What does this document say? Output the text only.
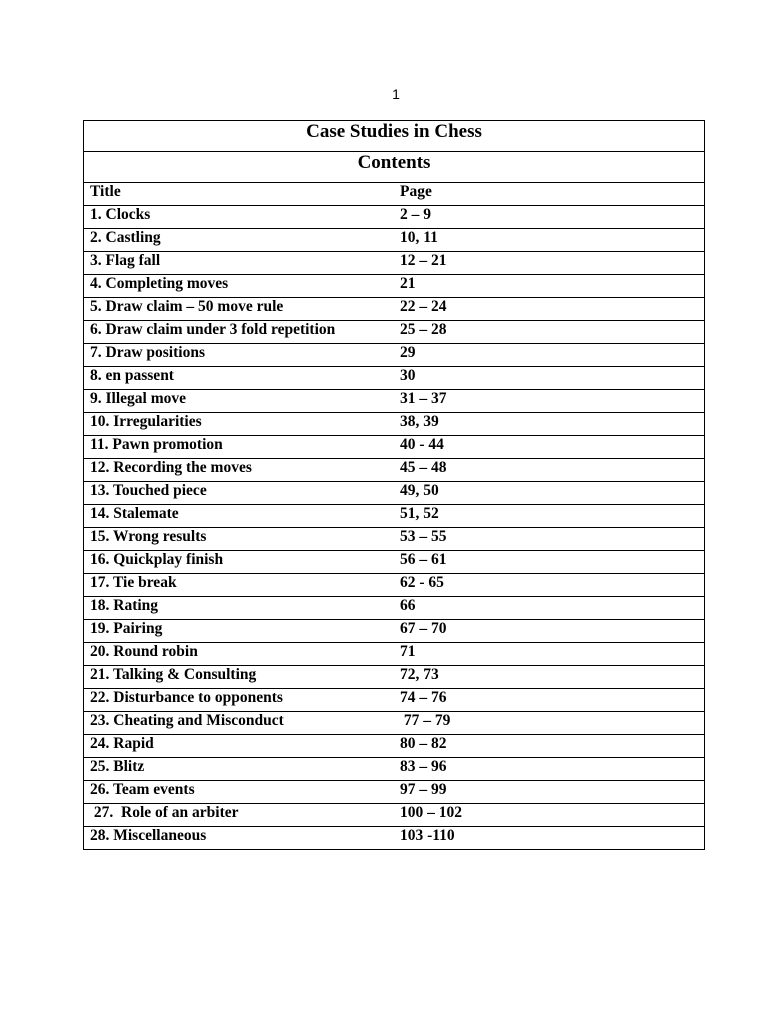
1
Case Studies in Chess	
Contents	
Title	Page
1. Clocks	2 – 9
2. Castling	10, 11
3. Flag fall	12 – 21
4. Completing moves	21
5. Draw claim – 50 move rule	22 – 24
6. Draw claim under 3 fold repetition	25 – 28
7. Draw positions	29
8. en passent	30
9. Illegal move	31 – 37
10. Irregularities	38, 39
11. Pawn promotion	40 - 44
12. Recording the moves	45 – 48
13. Touched piece	49, 50
14. Stalemate	51, 52
15. Wrong results	53 – 55
16. Quickplay finish	56 – 61
17. Tie break	62 - 65
18. Rating	66
19. Pairing	67 – 70
20. Round robin	71
21. Talking & Consulting	72, 73
22. Disturbance to opponents	74 – 76
23. Cheating and Misconduct	77 – 79
24. Rapid	80 – 82
25. Blitz	83 – 96
26. Team events	97 – 99
27.  Role of an arbiter	100 – 102
28. Miscellaneous	103 -110
